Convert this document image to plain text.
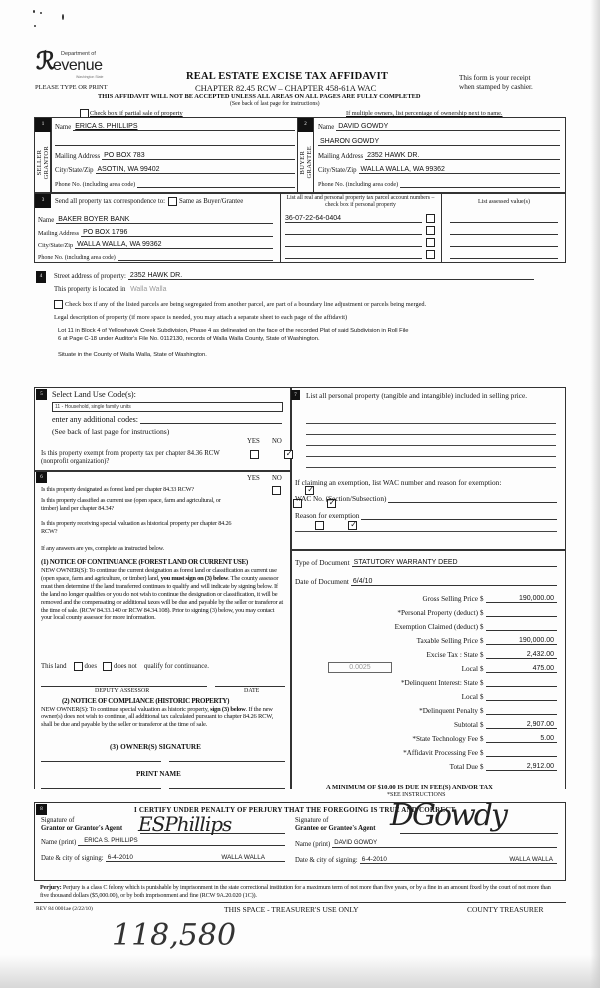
ℛ Department of
evenue
Washington State
PLEASE TYPE OR PRINT
REAL ESTATE EXCISE TAX AFFIDAVIT
CHAPTER 82.45 RCW – CHAPTER 458-61A WAC
This form is your receipt
when stamped by cashier.
THIS AFFIDAVIT WILL NOT BE ACCEPTED UNLESS ALL AREAS ON ALL PAGES ARE FULLY COMPLETED
(See back of last page for instructions)
Check box if partial sale of property	If multiple owners, list percentage of ownership next to name.
1
SELLER
GRANTOR
Name ERICA S. PHILLIPS
Mailing Address PO BOX 783
City/State/Zip ASOTIN, WA 99402
Phone No. (including area code)
2
BUYER
GRANTEE
Name DAVID GOWDY
SHARON GOWDY
Mailing Address 2352 HAWK DR.
City/State/Zip WALLA WALLA, WA 99362
Phone No. (including area code)
3	Send all property tax correspondence to: Same as Buyer/Grantee
Name BAKER BOYER BANK
Mailing Address PO BOX 1796
City/State/Zip WALLA WALLA, WA 99362
Phone No. (including area code)
List all real and personal property tax parcel account numbers – check box if personal property	List assessed value(s)
36-07-22-64-0404
4	Street address of property: 2352 HAWK DR.
This property is located in Walla Walla
Check box if any of the listed parcels are being segregated from another parcel, are part of a boundary line adjustment or parcels being merged.
Legal description of property (if more space is needed, you may attach a separate sheet to each page of the affidavit)
Lot 11 in Block 4 of Yellowhawk Creek Subdivision, Phase 4 as delineated on the face of the recorded Plat of said Subdivision in Roll File
6 at Page C-18 under Auditor's File No. 0112130, records of Walla Walla County, State of Washington.
Situate in the County of Walla Walla, State of Washington.
5	Select Land Use Code(s):
11 - Household, single family units
enter any additional codes:
(See back of last page for instructions)
YES NO
Is this property exempt from property tax per chapter 84.36 RCW (nonprofit organization)?
✓
6	YES NO
Is this property designated as forest land per chapter 84.33 RCW?
✓
Is this property classified as current use (open space, farm and agricultural, or timber) land per chapter 84.34?
✓
Is this property receiving special valuation as historical property per chapter 84.26 RCW?
✓
If any answers are yes, complete as instructed below.
(1) NOTICE OF CONTINUANCE (FOREST LAND OR CURRENT USE)
NEW OWNER(S): To continue the current designation as forest land or classification as current use (open space, farm and agriculture, or timber) land, you must sign on (3) below. The county assessor must then determine if the land transferred continues to qualify and will indicate by signing below. If the land no longer qualifies or you do not wish to continue the designation or classification, it will be removed and the compensating or additional taxes will be due and payable by the seller or transferor at the time of sale. (RCW 84.33.140 or RCW 84.34.108). Prior to signing (3) below, you may contact your local county assessor for more information.
This land	does	does not qualify for continuance.
DEPUTY ASSESSOR	DATE
(2) NOTICE OF COMPLIANCE (HISTORIC PROPERTY)
NEW OWNER(S): To continue special valuation as historic property, sign (3) below. If the new owner(s) does not wish to continue, all additional tax calculated pursuant to chapter 84.26 RCW, shall be due and payable by the seller or transferor at the time of sale.
(3) OWNER(S) SIGNATURE
PRINT NAME
7	List all personal property (tangible and intangible) included in selling price.
If claiming an exemption, list WAC number and reason for exemption:
WAC No. (Section/Subsection)
Reason for exemption
Type of Document STATUTORY WARRANTY DEED
Date of Document 6/4/10
Gross Selling Price $	190,000.00
*Personal Property (deduct) $
Exemption Claimed (deduct) $
Taxable Selling Price $	190,000.00
Excise Tax : State $	2,432.00
0.0025	Local $	475.00
*Delinquent Interest: State $
Local $
*Delinquent Penalty $
Subtotal $	2,907.00
*State Technology Fee $	5.00
*Affidavit Processing Fee $
Total Due $	2,912.00
A MINIMUM OF $10.00 IS DUE IN FEE(S) AND/OR TAX
*SEE INSTRUCTIONS
8	I CERTIFY UNDER PENALTY OF PERJURY THAT THE FOREGOING IS TRUE AND CORRECT.
Signature of
Grantor or Grantor's Agent ESPhillips
Name (print)	ERICA S. PHILLIPS
Date & city of signing: 6-4-2010	WALLA WALLA
Signature of
Grantee or Grantee's Agent DGowdy
Name (print) DAVID GOWDY
Date & city of signing: 6-4-2010	WALLA WALLA
Perjury: Perjury is a class C felony which is punishable by imprisonment in the state correctional institution for a maximum term of not more than five years, or by a fine in an amount fixed by the court of not more than five thousand dollars ($5,000.00), or by both imprisonment and fine (RCW 9A.20.020 (1C)).
REV 84 0001ae (2/22/10)	THIS SPACE - TREASURER'S USE ONLY	COUNTY TREASURER
118,580
